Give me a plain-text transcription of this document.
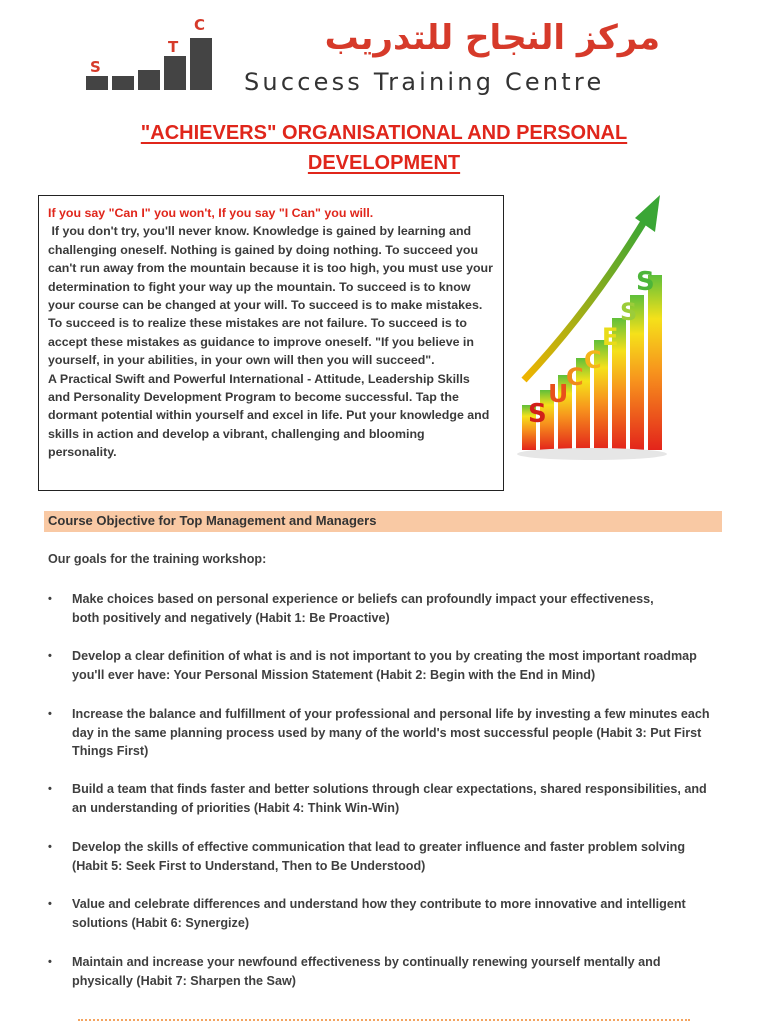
S
T
C	مركز النجاح للتدريب
Success Training Centre
"ACHIEVERS" ORGANISATIONAL AND PERSONAL
DEVELOPMENT
If you say "Can I" you won't, If you say "I Can" you will.
If you don't try, you'll never know. Knowledge is gained by learning and challenging oneself. Nothing is gained by doing nothing. To succeed you can't run away from the mountain because it is too high, you must use your determination to fight your way up the mountain. To succeed is to know your course can be changed at your will. To succeed is to make mistakes. To succeed is to realize these mistakes are not failure. To succeed is to accept these mistakes as guidance to improve oneself. "If you believe in yourself, in your abilities, in your own will then you will succeed".
A Practical Swift and Powerful International - Attitude, Leadership Skills and Personality Development Program to become successful. Tap the dormant potential within yourself and excel in life. Put your knowledge and skills in action and develop a vibrant, challenging and blooming personality.
S
U
C
C
E
S
S
Course Objective for Top Management and Managers
Our goals for the training workshop:
• Make choices based on personal experience or beliefs can profoundly impact your effectiveness,
both positively and negatively (Habit 1: Be Proactive)
• Develop a clear definition of what is and is not important to you by creating the most important roadmap you'll ever have: Your Personal Mission Statement (Habit 2: Begin with the End in Mind)
• Increase the balance and fulfillment of your professional and personal life by investing a few minutes each day in the same planning process used by many of the world's most successful people (Habit 3: Put First Things First)
• Build a team that finds faster and better solutions through clear expectations, shared responsibilities, and an understanding of priorities (Habit 4: Think Win-Win)
• Develop the skills of effective communication that lead to greater influence and faster problem solving (Habit 5: Seek First to Understand, Then to Be Understood)
• Value and celebrate differences and understand how they contribute to more innovative and intelligent solutions (Habit 6: Synergize)
• Maintain and increase your newfound effectiveness by continually renewing yourself mentally and physically (Habit 7: Sharpen the Saw)
